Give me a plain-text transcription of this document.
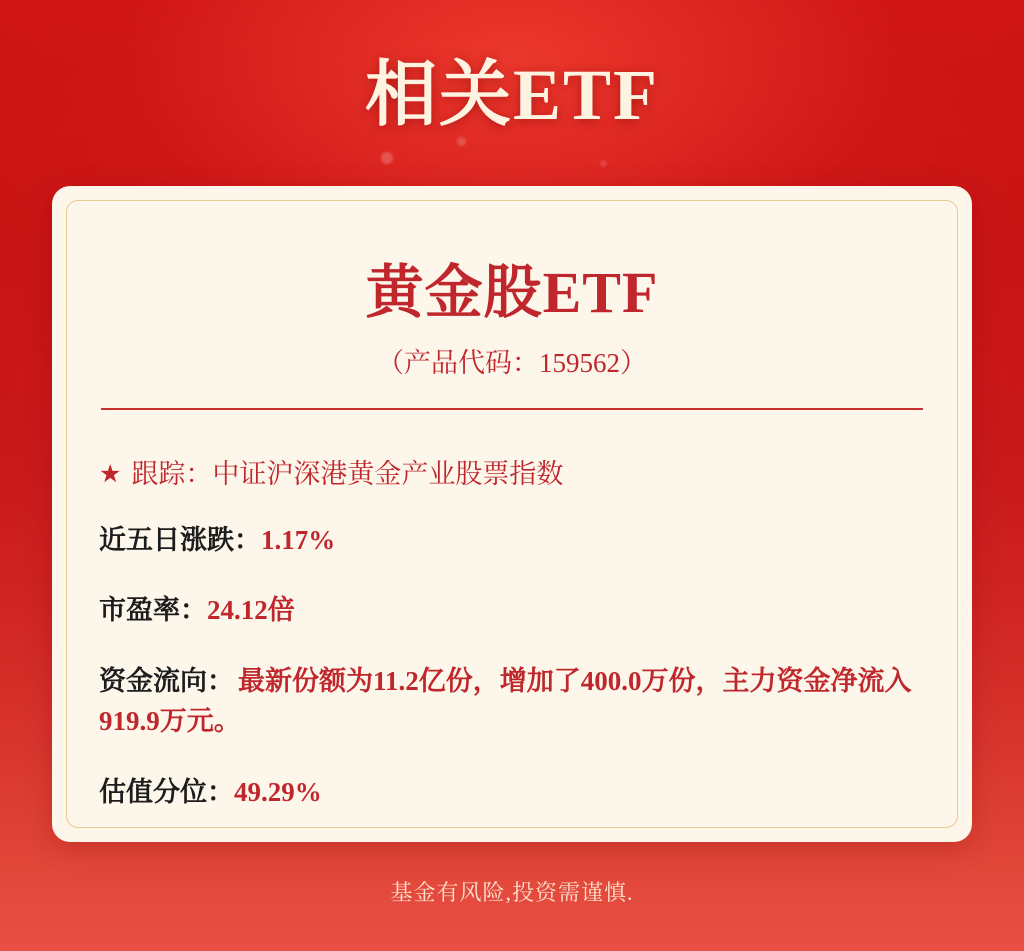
相关ETF
黄金股ETF
（产品代码：159562）
★ 跟踪： 中证沪深港黄金产业股票指数
近五日涨跌： 1.17%
市盈率： 24.12倍
资金流向： 最新份额为11.2亿份，增加了400.0万份，主力资金净流入919.9万元。
估值分位： 49.29%
基金有风险,投资需谨慎.
